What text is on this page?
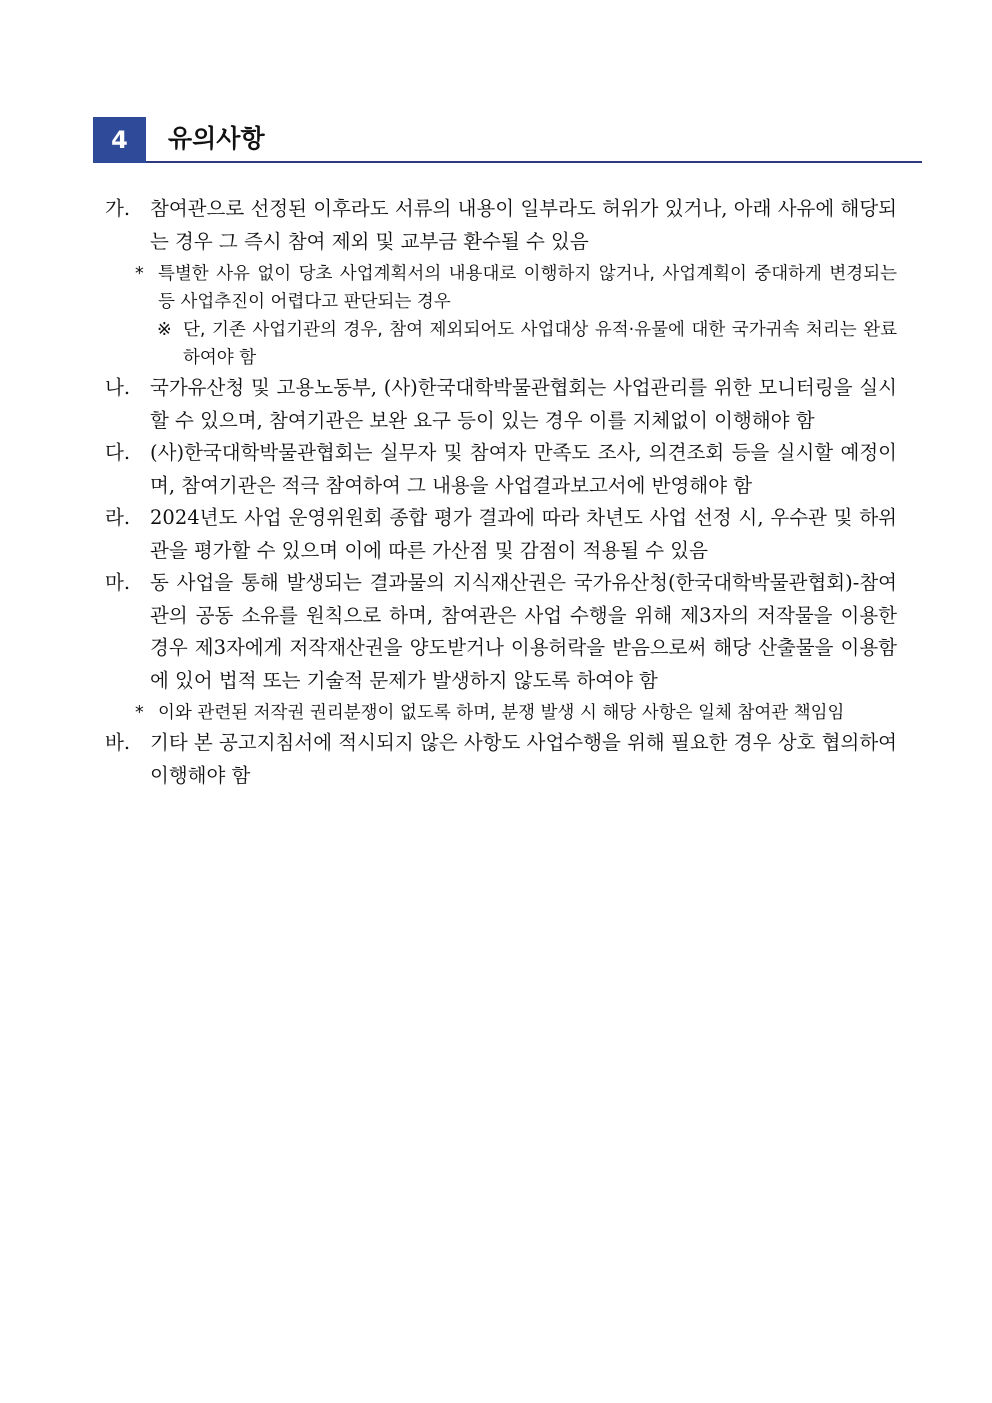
4	유의사항
가. 참여관으로 선정된 이후라도 서류의 내용이 일부라도 허위가 있거나, 아래 사유에 해당되는 경우 그 즉시 참여 제외 및 교부금 환수될 수 있음
* 특별한 사유 없이 당초 사업계획서의 내용대로 이행하지 않거나, 사업계획이 중대하게 변경되는 등 사업추진이 어렵다고 판단되는 경우
※ 단, 기존 사업기관의 경우, 참여 제외되어도 사업대상 유적·유물에 대한 국가귀속 처리는 완료하여야 함
나. 국가유산청 및 고용노동부, (사)한국대학박물관협회는 사업관리를 위한 모니터링을 실시할 수 있으며, 참여기관은 보완 요구 등이 있는 경우 이를 지체없이 이행해야 함
다. (사)한국대학박물관협회는 실무자 및 참여자 만족도 조사, 의견조회 등을 실시할 예정이며, 참여기관은 적극 참여하여 그 내용을 사업결과보고서에 반영해야 함
라. 2024년도 사업 운영위원회 종합 평가 결과에 따라 차년도 사업 선정 시, 우수관 및 하위관을 평가할 수 있으며 이에 따른 가산점 및 감점이 적용될 수 있음
마. 동 사업을 통해 발생되는 결과물의 지식재산권은 국가유산청(한국대학박물관협회)-참여관의 공동 소유를 원칙으로 하며, 참여관은 사업 수행을 위해 제3자의 저작물을 이용한 경우 제3자에게 저작재산권을 양도받거나 이용허락을 받음으로써 해당 산출물을 이용함에 있어 법적 또는 기술적 문제가 발생하지 않도록 하여야 함
* 이와 관련된 저작권 권리분쟁이 없도록 하며, 분쟁 발생 시 해당 사항은 일체 참여관 책임임
바. 기타 본 공고지침서에 적시되지 않은 사항도 사업수행을 위해 필요한 경우 상호 협의하여 이행해야 함
